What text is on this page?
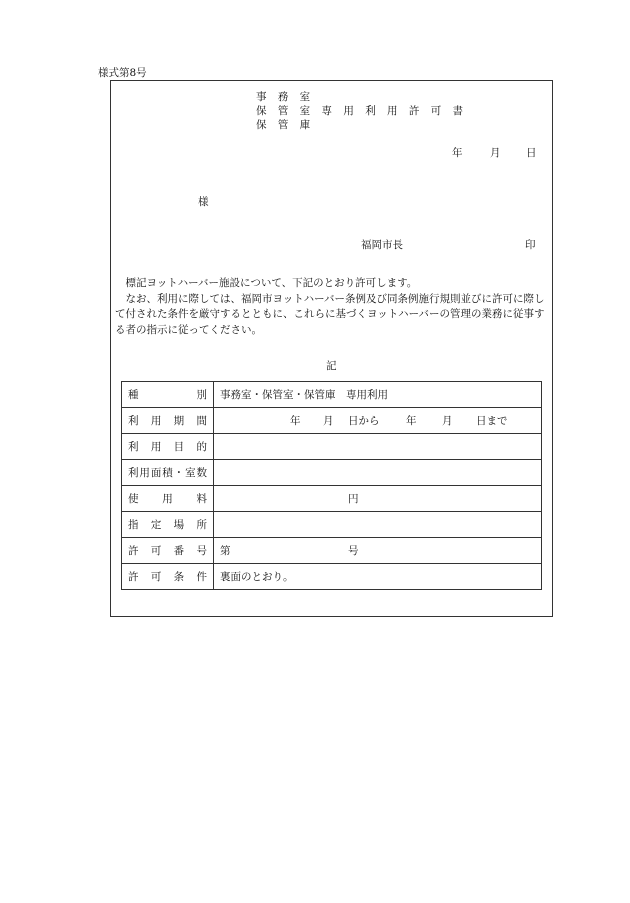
様式第8号
事 務 室
保 管 室 専 用 利 用 許 可 書
保 管 庫
年	月 日
様
福岡市長	印

標記ヨットハーバー施設について、下記のとおり許可します。

なお、利用に際しては、福岡市ヨットハーバー条例及び同条例施行規則並びに許可に際して付された条件を厳守するとともに、これらに基づくヨットハーバーの管理の業務に従事する者の指示に従ってください。

記
種別	事務室・保管室・保管庫　専用利用
利用期間	年 月 日から 年 月 日まで
利用目的	
利用面積・室数	
使用料	円
指定場所	
許可番号	第 号
許可条件	裏面のとおり。
